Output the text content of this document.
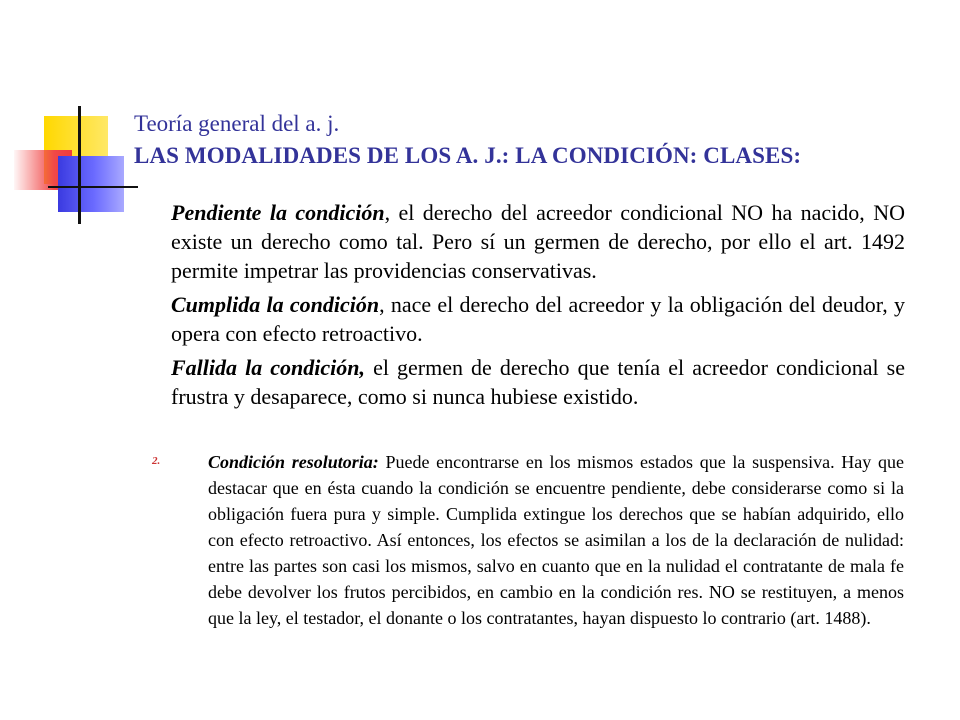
Teoría general del a. j.
LAS MODALIDADES DE LOS A. J.: LA CONDICIÓN: CLASES:

Pendiente la condición, el derecho del acreedor condicional NO ha nacido, NO existe un derecho como tal. Pero sí un germen de derecho, por ello el art. 1492 permite impetrar las providencias conservativas.

Cumplida la condición, nace el derecho del acreedor y la obligación del deudor, y opera con efecto retroactivo.

Fallida la condición, el germen de derecho que tenía el acreedor condicional se frustra y desaparece, como si nunca hubiese existido.

2.	Condición resolutoria: Puede encontrarse en los mismos estados que la suspensiva. Hay que destacar que en ésta cuando la condición se encuentre pendiente, debe considerarse como si la obligación fuera pura y simple. Cumplida extingue los derechos que se habían adquirido, ello con efecto retroactivo. Así entonces, los efectos se asimilan a los de la declaración de nulidad: entre las partes son casi los mismos, salvo en cuanto que en la nulidad el contratante de mala fe debe devolver los frutos percibidos, en cambio en la condición res. NO se restituyen, a menos que la ley, el testador, el donante o los contratantes, hayan dispuesto lo contrario (art. 1488).
